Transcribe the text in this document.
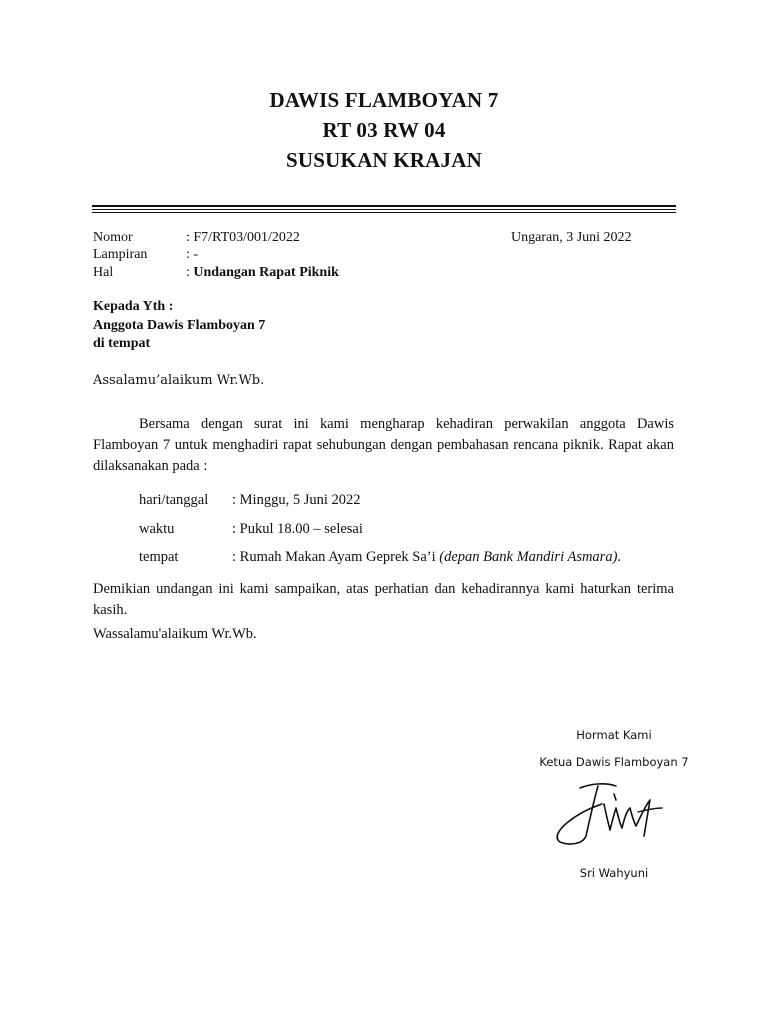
DAWIS FLAMBOYAN 7
RT 03 RW 04
SUSUKAN KRAJAN
Nomor	: F7/RT03/001/2022
Lampiran	: -
Hal	: Undangan Rapat Piknik
Ungaran, 3 Juni 2022
Kepada Yth :
Anggota Dawis Flamboyan 7
di tempat
Assalamu’alaikum Wr.Wb.
Bersama dengan surat ini kami mengharap kehadiran perwakilan anggota Dawis Flamboyan 7 untuk menghadiri rapat sehubungan dengan pembahasan rencana piknik. Rapat akan dilaksanakan pada :
hari/tanggal : Minggu, 5 Juni 2022
waktu	: Pukul 18.00 – selesai
tempat	: Rumah Makan Ayam Geprek Sa’i (depan Bank Mandiri Asmara).
Demikian undangan ini kami sampaikan, atas perhatian dan kehadirannya kami haturkan terima kasih.
Wassalamu'alaikum Wr.Wb.
Hormat Kami
Ketua Dawis Flamboyan 7
Sri Wahyuni
